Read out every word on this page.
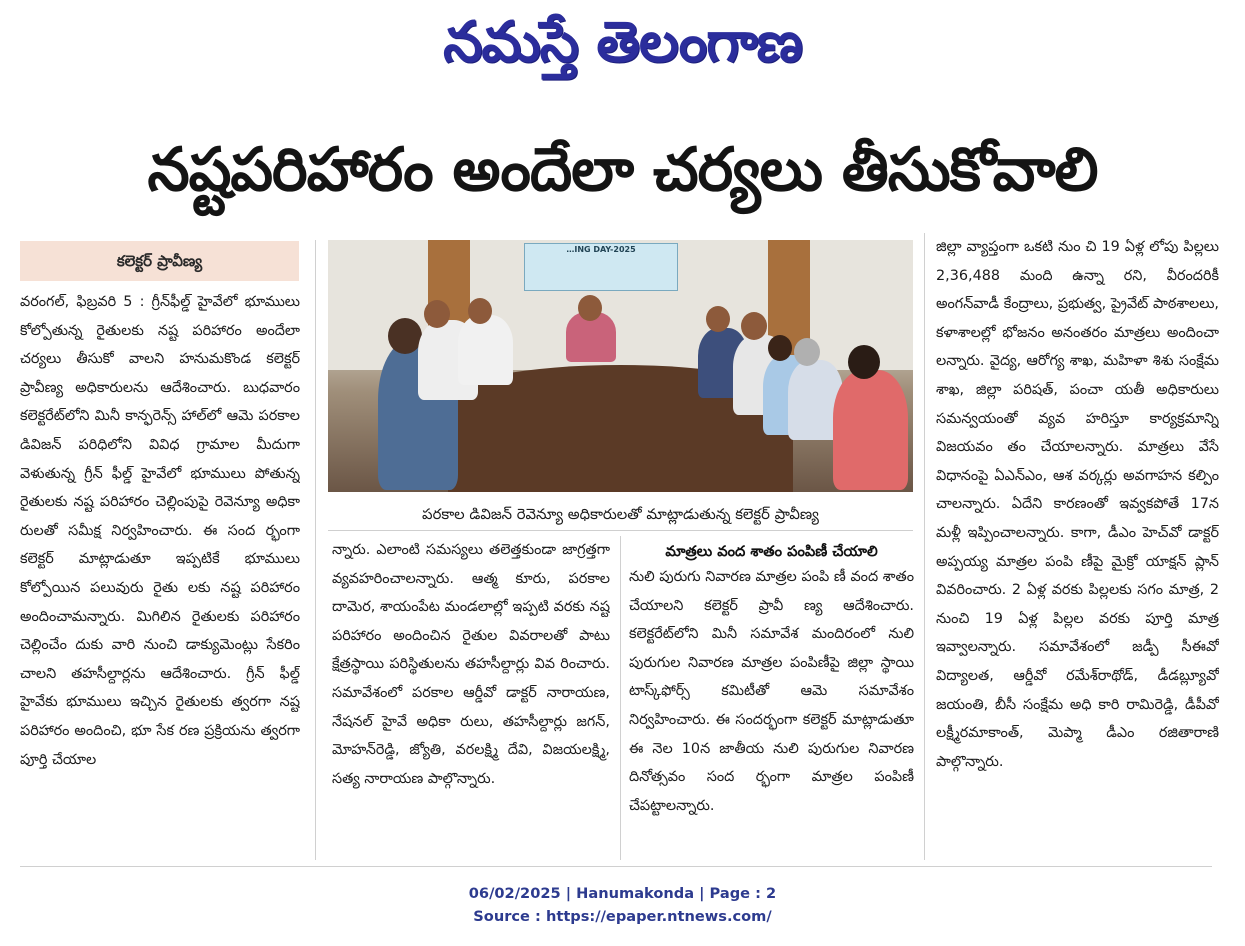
నమస్తే తెలంగాణ
నష్టపరిహారం అందేలా చర్యలు తీసుకోవాలి
కలెక్టర్ ప్రావీణ్య

వరంగల్, ఫిబ్రవరి 5 : గ్రీన్‌ఫీల్డ్ హైవేలో భూములు కోల్పోతున్న రైతులకు నష్ట పరిహారం అందేలా చర్యలు తీసుకో వాలని హనుమకొండ కలెక్టర్ ప్రావీణ్య అధికారులను ఆదేశించారు. బుధవారం కలెక్టరేట్‌లోని మినీ కాన్ఫరెన్స్ హాల్‌లో ఆమె పరకాల డివిజన్ పరిధిలోని వివిధ గ్రామాల మీదుగా వెళుతున్న గ్రీన్ ఫీల్డ్ హైవేలో భూములు పోతున్న రైతులకు నష్ట పరిహారం చెల్లింపుపై రెవెన్యూ అధికా రులతో సమీక్ష నిర్వహించారు. ఈ సంద ర్భంగా కలెక్టర్ మాట్లాడుతూ ఇప్పటికే భూములు కోల్పోయిన పలువురు రైతు లకు నష్ట పరిహారం అందించామన్నారు. మిగిలిన రైతులకు పరిహారం చెల్లించేం దుకు వారి నుంచి డాక్యుమెంట్లు సేకరిం చాలని తహసీల్దార్లను ఆదేశించారు. గ్రీన్ ఫీల్డ్ హైవేకు భూములు ఇచ్చిన రైతులకు త్వరగా నష్ట పరిహారం అందించి, భూ సేక రణ ప్రక్రియను త్వరగా పూర్తి చేయాల

…ING DAY-2025
పరకాల డివిజన్ రెవెన్యూ అధికారులతో మాట్లాడుతున్న కలెక్టర్ ప్రావీణ్య

న్నారు. ఎలాంటి సమస్యలు తలెత్తకుండా జాగ్రత్తగా వ్యవహరించాలన్నారు. ఆత్మ కూరు, పరకాల దామెర, శాయంపేట మండలాల్లో ఇప్పటి వరకు నష్ట పరిహారం అందించిన రైతుల వివరాలతో పాటు క్షేత్రస్థాయి పరిస్థితులను తహసీల్దార్లు వివ రించారు. సమావేశంలో పరకాల ఆర్డీవో డాక్టర్ నారాయణ, నేషనల్ హైవే అధికా రులు, తహసీల్దార్లు జగన్, మోహన్‌రెడ్డి, జ్యోతి, వరలక్ష్మి దేవి, విజయలక్ష్మి, సత్య నారాయణ పాల్గొన్నారు.

మాత్రలు వంద శాతం పంపిణీ చేయాలి

నులి పురుగు నివారణ మాత్రల పంపి ణీ వంద శాతం చేయాలని కలెక్టర్ ప్రావీ ణ్య ఆదేశించారు. కలెక్టరేట్‌లోని మినీ సమావేశ మందిరంలో నులి పురుగుల నివారణ మాత్రల పంపిణీపై జిల్లా స్థాయి టాస్క్‌ఫోర్స్ కమిటీతో ఆమె సమావేశం నిర్వహించారు. ఈ సందర్భంగా కలెక్టర్ మాట్లాడుతూ ఈ నెల 10న జాతీయ నులి పురుగుల నివారణ దినోత్సవం సంద ర్భంగా మాత్రల పంపిణీ చేపట్టాలన్నారు.

జిల్లా వ్యాప్తంగా ఒకటి నుం చి 19 ఏళ్ల లోపు పిల్లలు 2,36,488 మంది ఉన్నా రని, వీరందరికీ అంగన్‌వాడీ కేంద్రాలు, ప్రభుత్వ, ప్రైవేట్ పాఠశాలలు, కళాశాలల్లో భోజనం అనంతరం మాత్రలు అందించా లన్నారు. వైద్య, ఆరోగ్య శాఖ, మహిళా శిశు సంక్షేమ శాఖ, జిల్లా పరిషత్, పంచా యతీ అధికారులు సమన్వయంతో వ్యవ హరిస్తూ కార్యక్రమాన్ని విజయవం తం చేయాలన్నారు. మాత్రలు వేసే విధానంపై ఏఎన్ఎం, ఆశ వర్కర్లు అవగాహన కల్పిం చాలన్నారు. ఏదేని కారణంతో ఇవ్వకపోతే 17న మళ్లీ ఇప్పించాలన్నారు. కాగా, డీఎం హెచ్‌వో డాక్టర్ అప్పయ్య మాత్రల పంపి ణీపై మైక్రో యాక్షన్ ప్లాన్ వివరించారు. 2 ఏళ్ల వరకు పిల్లలకు సగం మాత్ర, 2 నుంచి 19 ఏళ్ల పిల్లల వరకు పూర్తి మాత్ర ఇవ్వాలన్నారు. సమావేశంలో జడ్పీ సీఈవో విద్యాలత, ఆర్డీవో రమేశ్‌రాథోడ్, డీడబ్ల్యూవో జయంతి, బీసీ సంక్షేమ అధి కారి రామిరెడ్డి, డీపీవో లక్ష్మీరమాకాంత్, మెప్మా డీఎం రజితారాణి పాల్గొన్నారు.

06/02/2025 | Hanumakonda | Page : 2
Source : https://epaper.ntnews.com/
